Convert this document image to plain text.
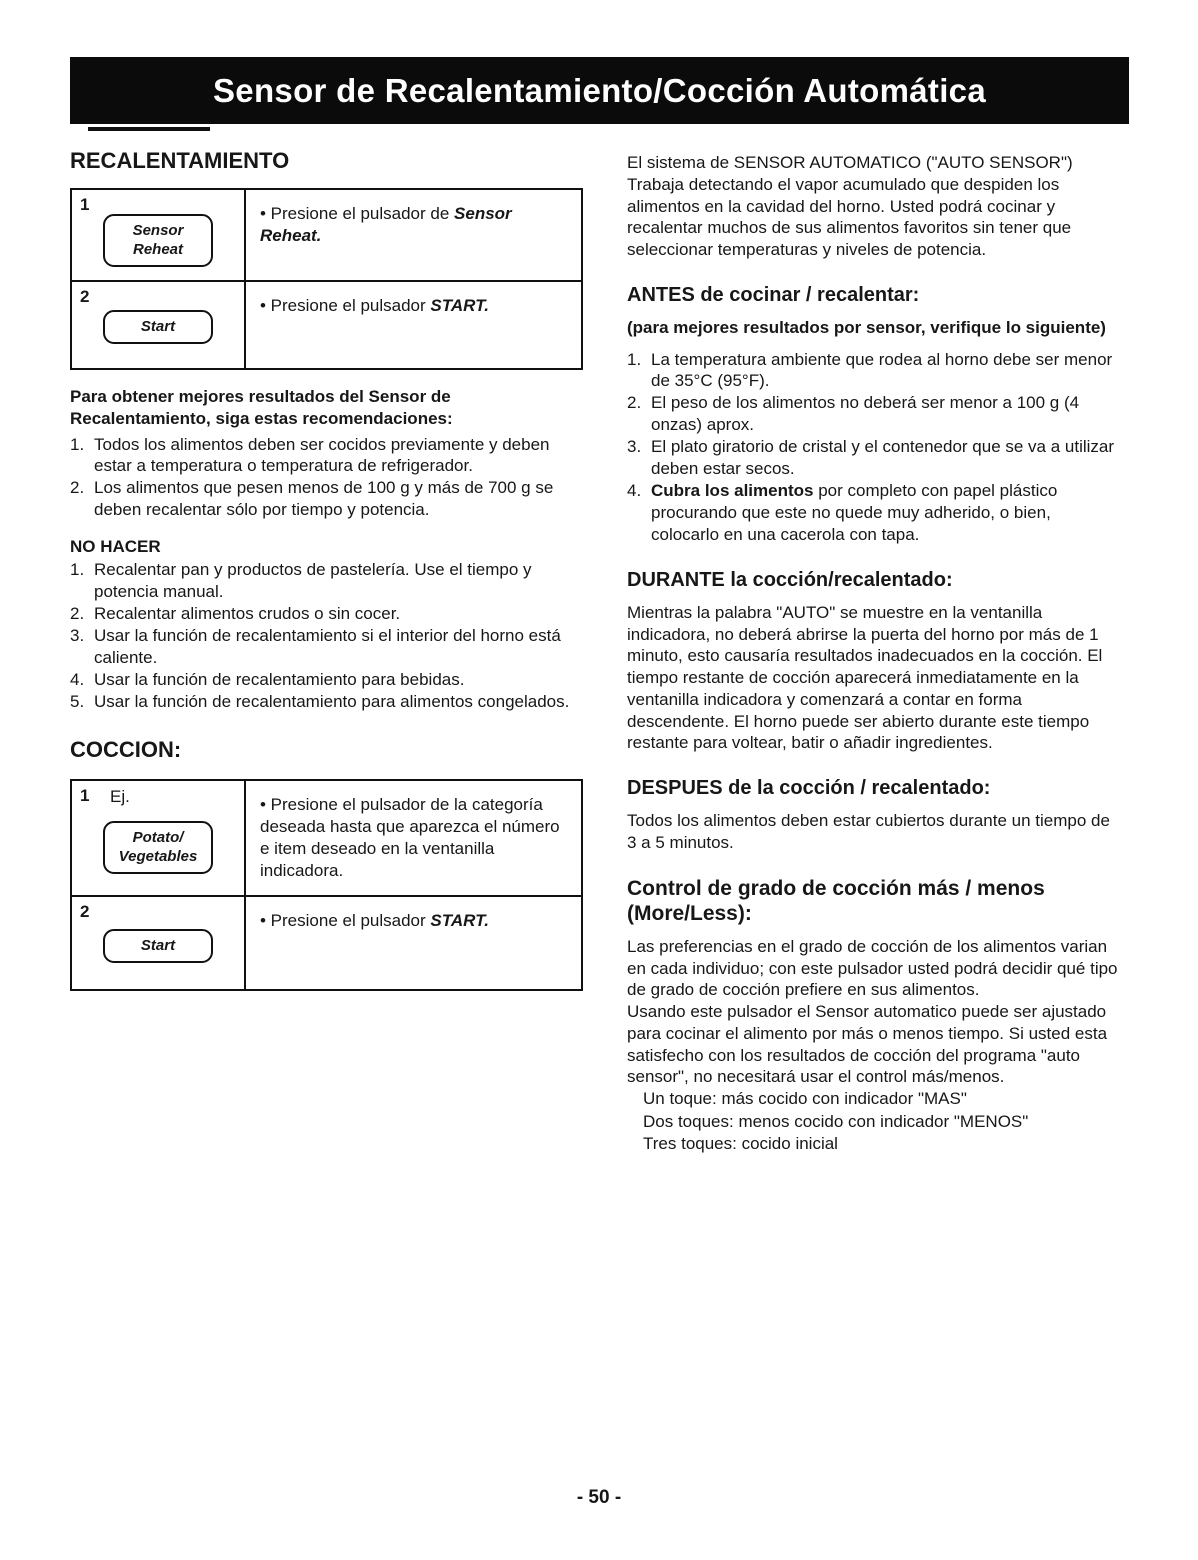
Sensor de Recalentamiento/Cocción Automática
RECALENTAMIENTO
1
Sensor
Reheat
• Presione el pulsador de Sensor Reheat.
2
Start
• Presione el pulsador START.
Para obtener mejores resultados del Sensor de Recalentamiento, siga estas recomendaciones:
1. Todos los alimentos deben ser cocidos previamente y deben estar a temperatura o temperatura de refrigerador.
2. Los alimentos que pesen menos de 100 g y más de 700 g se deben recalentar sólo por tiempo y potencia.
NO HACER
1. Recalentar pan y productos de pastelería. Use el tiempo y potencia manual.
2. Recalentar alimentos crudos o sin cocer.
3. Usar la función de recalentamiento si el interior del horno está caliente.
4. Usar la función de recalentamiento para bebidas.
5. Usar la función de recalentamiento para alimentos congelados.
COCCION:
1 Ej.
Potato/
Vegetables
• Presione el pulsador de la categoría deseada hasta que aparezca el número e item deseado en la ventanilla indicadora.
2
Start
• Presione el pulsador START.

El sistema de SENSOR AUTOMATICO ("AUTO SENSOR") Trabaja detectando el vapor acumulado que despiden los alimentos en la cavidad del horno. Usted podrá cocinar y recalentar muchos de sus alimentos favoritos sin tener que seleccionar temperaturas y niveles de potencia.

ANTES de cocinar / recalentar:
(para mejores resultados por sensor, verifique lo siguiente)
1. La temperatura ambiente que rodea al horno debe ser menor de 35°C (95°F).
2. El peso de los alimentos no deberá ser menor a 100 g (4 onzas) aprox.
3. El plato giratorio de cristal y el contenedor que se va a utilizar deben estar secos.
4. Cubra los alimentos por completo con papel plástico procurando que este no quede muy adherido, o bien, colocarlo en una cacerola con tapa.
DURANTE la cocción/recalentado:

Mientras la palabra "AUTO" se muestre en la ventanilla indicadora, no deberá abrirse la puerta del horno por más de 1 minuto, esto causaría resultados inadecuados en la cocción. El tiempo restante de cocción aparecerá inmediatamente en la ventanilla indicadora y comenzará a contar en forma descendente. El horno puede ser abierto durante este tiempo restante para voltear, batir o añadir ingredientes.

DESPUES de la cocción / recalentado:

Todos los alimentos deben estar cubiertos durante un tiempo de 3 a 5 minutos.

Control de grado de cocción más / menos (More/Less):

Las preferencias en el grado de cocción de los alimentos varian en cada individuo; con este pulsador usted podrá decidir qué tipo de grado de cocción prefiere en sus alimentos.

Usando este pulsador el Sensor automatico puede ser ajustado para cocinar el alimento por más o menos tiempo. Si usted esta satisfecho con los resultados de cocción del programa "auto sensor", no necesitará usar el control más/menos.

Un toque: más cocido con indicador "MAS"
Dos toques: menos cocido con indicador "MENOS"
Tres toques: cocido inicial
- 50 -
